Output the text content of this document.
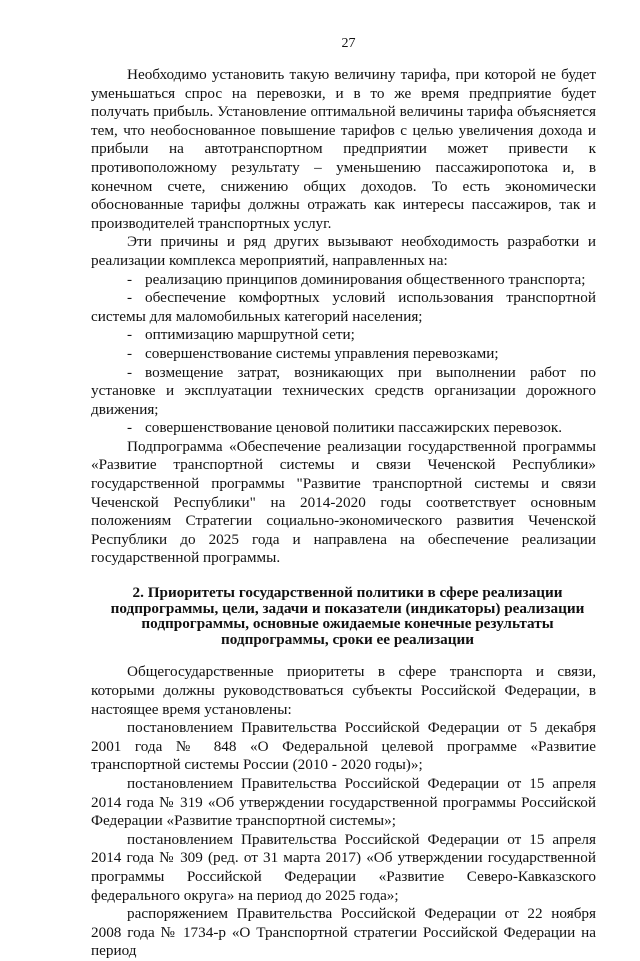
27

Необходимо установить такую величину тарифа, при которой не будет уменьшаться спрос на перевозки, и в то же время предприятие будет получать прибыль. Установление оптимальной величины тарифа объясняется тем, что необоснованное повышение тарифов с целью увеличения дохода и прибыли на автотранспортном предприятии может привести к противоположному результату – уменьшению пассажиропотока и, в конечном счете, снижению общих доходов. То есть экономически обоснованные тарифы должны отражать как интересы пассажиров, так и производителей транспортных услуг.

Эти причины и ряд других вызывают необходимость разработки и реализации комплекса мероприятий, направленных на:

- реализацию принципов доминирования общественного транспорта;

- обеспечение комфортных условий использования транспортной системы для маломобильных категорий населения;

- оптимизацию маршрутной сети;

- совершенствование системы управления перевозками;

- возмещение затрат, возникающих при выполнении работ по установке и эксплуатации технических средств организации дорожного движения;

- совершенствование ценовой политики пассажирских перевозок.

Подпрограмма «Обеспечение реализации государственной программы «Развитие транспортной системы и связи Чеченской Республики» государственной программы "Развитие транспортной системы и связи Чеченской Республики" на 2014-2020 годы соответствует основным положениям Стратегии социально-экономического развития Чеченской Республики до 2025 года и направлена на обеспечение реализации государственной программы.

2. Приоритеты государственной политики в сфере реализации подпрограммы, цели, задачи и показатели (индикаторы) реализации подпрограммы, основные ожидаемые конечные результаты подпрограммы, сроки ее реализации

Общегосударственные приоритеты в сфере транспорта и связи, которыми должны руководствоваться субъекты Российской Федерации, в настоящее время установлены:

постановлением Правительства Российской Федерации от 5 декабря 2001 года № 848 «О Федеральной целевой программе «Развитие транспортной системы России (2010 - 2020 годы)»;

постановлением Правительства Российской Федерации от 15 апреля 2014 года № 319 «Об утверждении государственной программы Российской Федерации «Развитие транспортной системы»;

постановлением Правительства Российской Федерации от 15 апреля 2014 года № 309 (ред. от 31 марта 2017) «Об утверждении государственной программы Российской Федерации «Развитие Северо-Кавказского федерального округа» на период до 2025 года»;

распоряжением Правительства Российской Федерации от 22 ноября 2008 года № 1734-р «О Транспортной стратегии Российской Федерации на период
